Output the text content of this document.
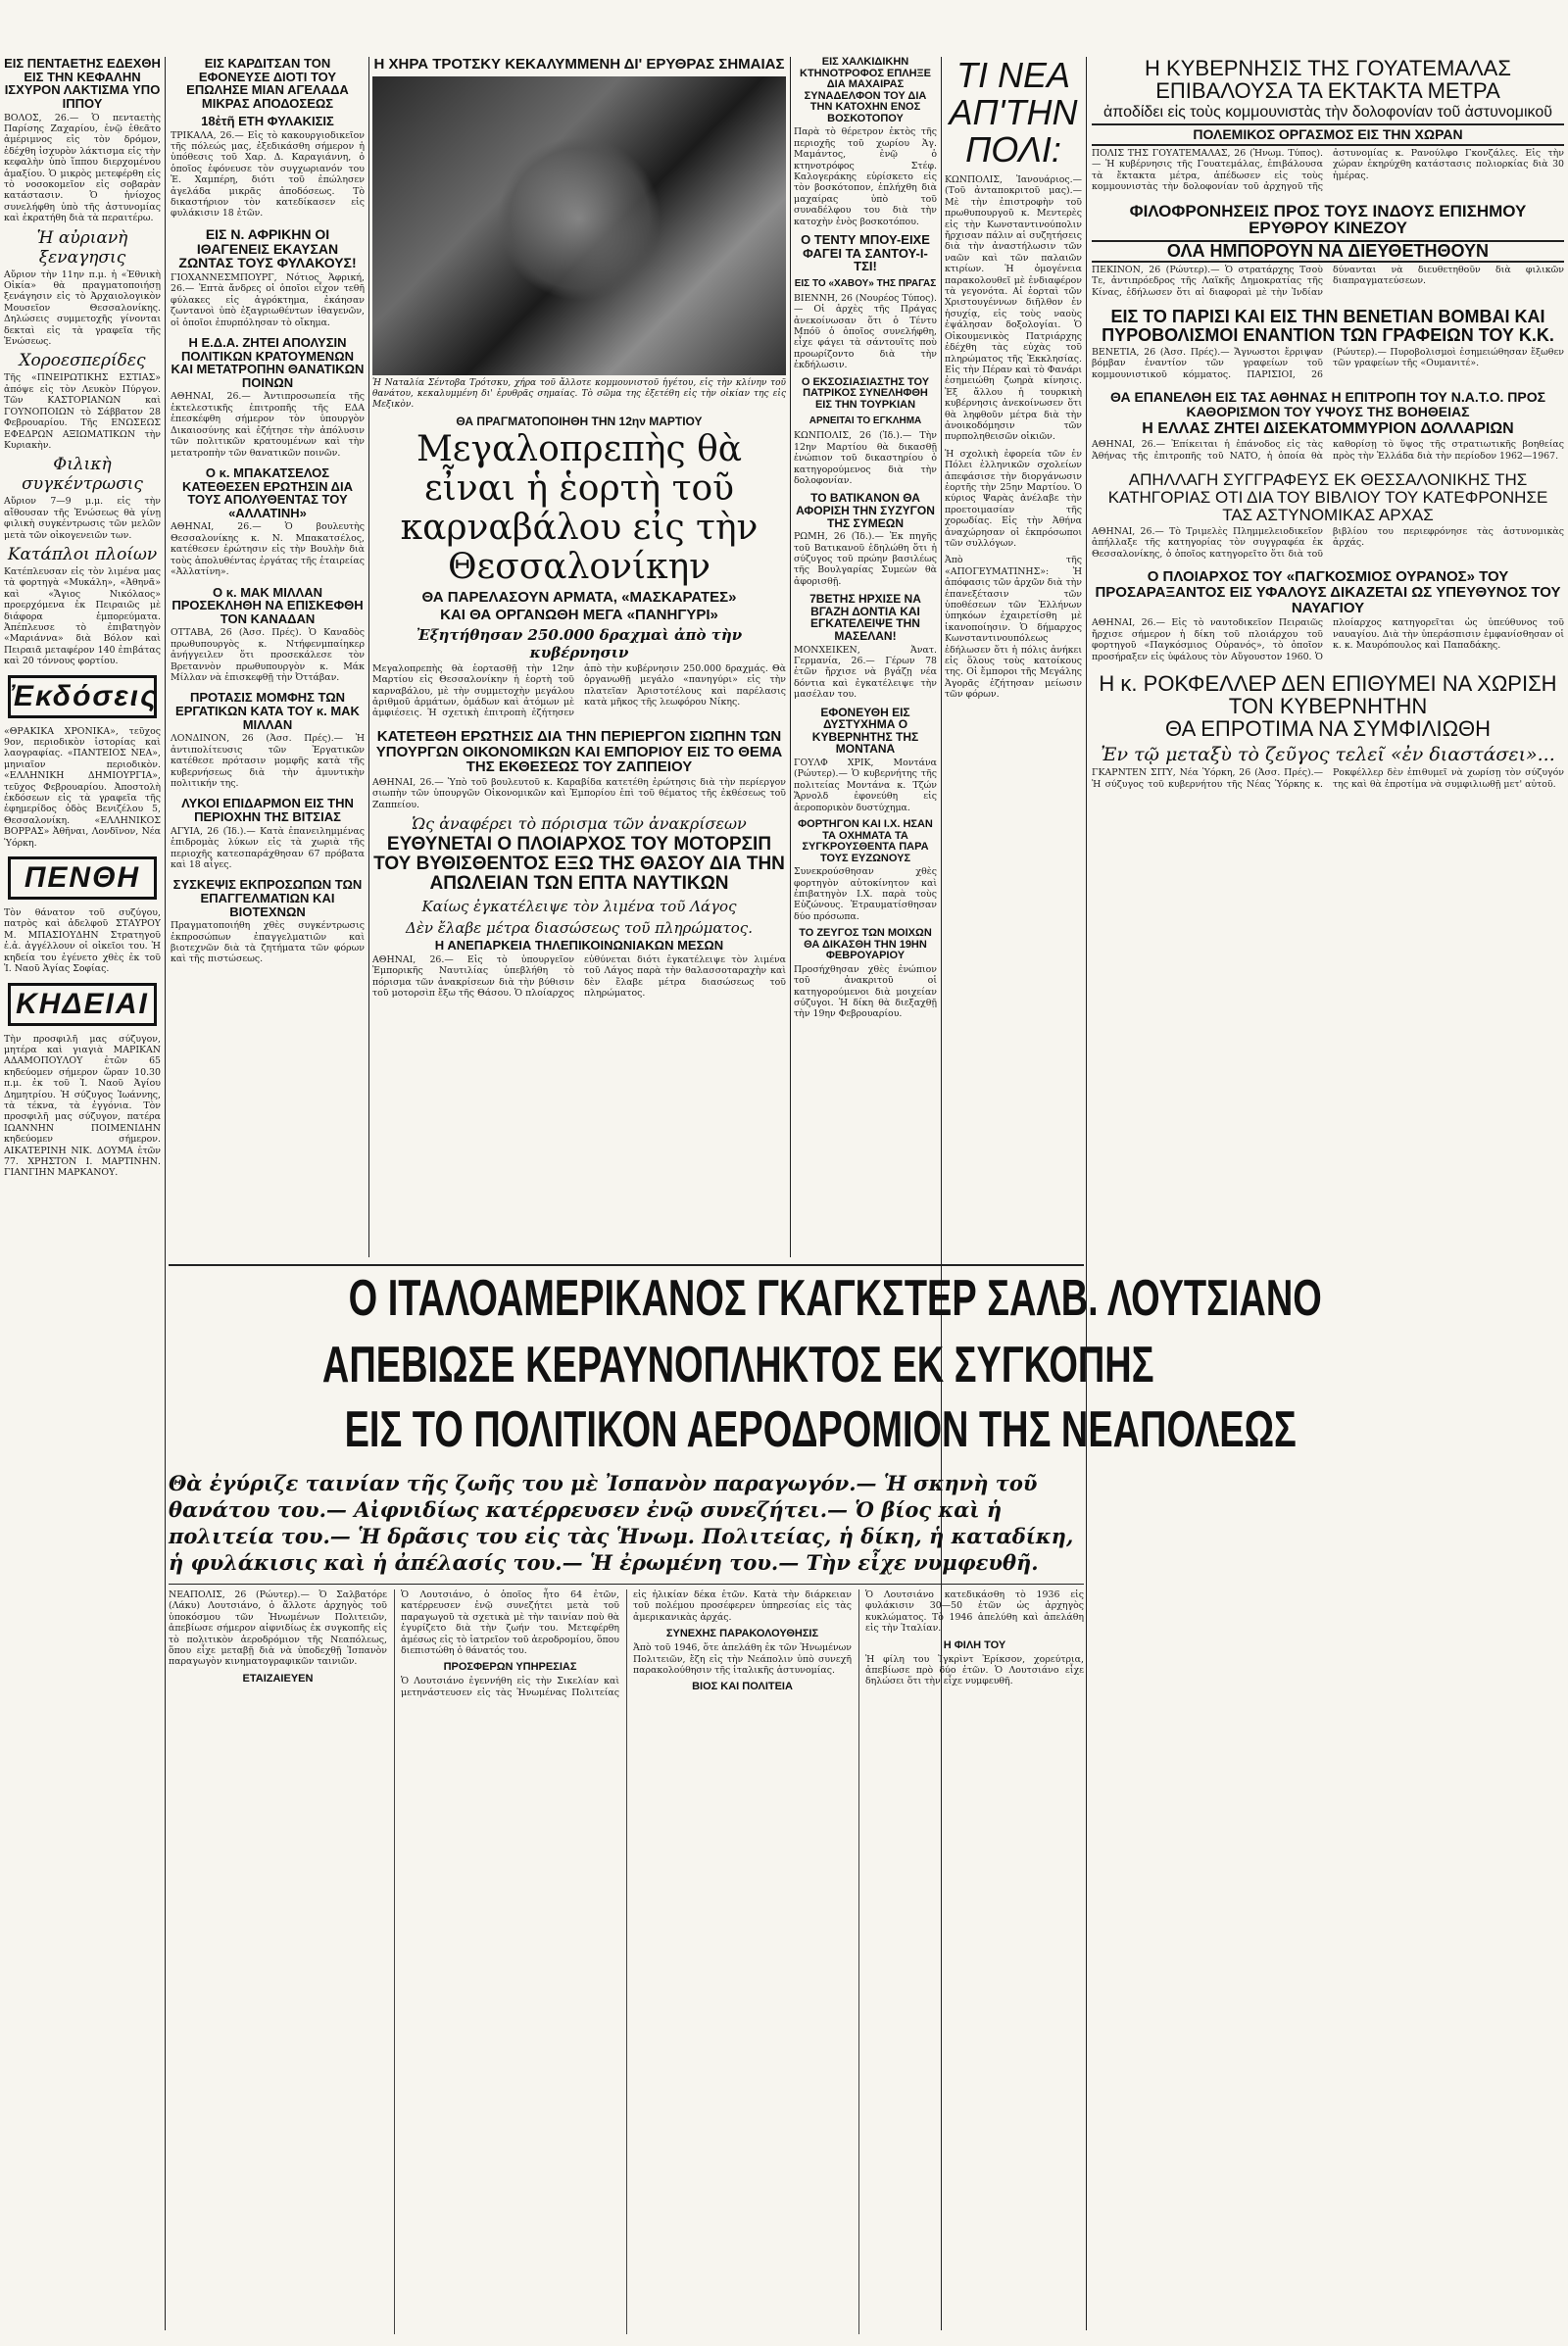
ΕΙΣ ΠΕΝΤΑΕΤΗΣ ΕΔΕΧΘΗ ΕΙΣ ΤΗΝ ΚΕΦΑΛΗΝ ΙΣΧΥΡΟΝ ΛΑΚΤΙΣΜΑ ΥΠΟ ΙΠΠΟΥ

ΒΟΛΟΣ, 26.— Ὁ πενταετὴς Παρίσης Ζαχαρίου, ἐνῷ ἐθεᾶτο ἀμέριμνος εἰς τὸν δρόμον, ἐδέχθη ἰσχυρὸν λάκτισμα εἰς τὴν κεφαλὴν ὑπὸ ἵππου διερχομένου ἁμαξίου. Ὁ μικρὸς μετεφέρθη εἰς τὸ νοσοκομεῖον εἰς σοβαρὰν κατάστασιν. Ὁ ἡνίοχος συνελήφθη ὑπὸ τῆς ἀστυνομίας καὶ ἐκρατήθη διὰ τὰ περαιτέρω.

Ἡ αὐριανὴ ξεναγησις

Αὔριον τὴν 11ην π.μ. ἡ «Ἐθνικὴ Οἰκία» θὰ πραγματοποιήσῃ ξενάγησιν εἰς τὸ Ἀρχαιολογικὸν Μουσεῖον Θεσσαλονίκης. Δηλώσεις συμμετοχῆς γίνονται δεκταὶ εἰς τὰ γραφεῖα τῆς Ἑνώσεως.

Χοροεσπερίδες

Τῆς «ΠΝΕΙΡΩΤΙΚΗΣ ΕΣΤΙΑΣ» ἀπόψε εἰς τὸν Λευκὸν Πύργον. Τῶν ΚΑΣΤΟΡΙΑΝΩΝ καὶ ΓΟΥΝΟΠΟΙΩΝ τὸ Σάββατον 28 Φεβρουαρίου. Τῆς ΕΝΩΣΕΩΣ ΕΦΕΔΡΩΝ ΑΞΙΩΜΑΤΙΚΩΝ τὴν Κυριακὴν.

Φιλικὴ συγκέντρωσις

Αὔριον 7—9 μ.μ. εἰς τὴν αἴθουσαν τῆς Ἑνώσεως θὰ γίνῃ φιλικὴ συγκέντρωσις τῶν μελῶν μετὰ τῶν οἰκογενειῶν των.

Κατάπλοι πλοίων

Κατέπλευσαν εἰς τὸν λιμένα μας τὰ φορτηγὰ «Μυκάλη», «Ἀθηνᾶ» καὶ «Ἄγιος Νικόλαος» προερχόμενα ἐκ Πειραιῶς μὲ διάφορα ἐμπορεύματα. Ἀπέπλευσε τὸ ἐπιβατηγὸν «Μαριάννα» διὰ Βόλον καὶ Πειραιᾶ μεταφέρον 140 ἐπιβάτας καὶ 20 τόννους φορτίου.

Ἐκδόσεις

«ΘΡΑΚΙΚΑ ΧΡΟΝΙΚΑ», τεῦχος 9ον, περιοδικὸν ἱστορίας καὶ λαογραφίας. «ΠΑΝΤΕΙΟΣ ΝΕΑ», μηνιαῖον περιοδικὸν. «ΕΛΛΗΝΙΚΗ ΔΗΜΙΟΥΡΓΙΑ», τεῦχος Φεβρουαρίου. Ἀποστολὴ ἐκδόσεων εἰς τὰ γραφεῖα τῆς ἐφημερίδος ὁδὸς Βενιζέλου 5, Θεσσαλονίκη. «ΕΛΛΗΝΙΚΟΣ ΒΟΡΡΑΣ» Ἀθῆναι, Λονδῖνον, Νέα Ὑόρκη.

ΠΕΝΘΗ

Τὸν θάνατον τοῦ συζύγου, πατρὸς καὶ ἀδελφοῦ ΣΤΑΥΡΟΥ Μ. ΜΠΑΣΙΟΥΔΗΝ Στρατηγοῦ ἐ.ἀ. ἀγγέλλουν οἱ οἰκεῖοι του. Ἡ κηδεία του ἐγένετο χθὲς ἐκ τοῦ Ἱ. Ναοῦ Ἁγίας Σοφίας.

ΚΗΔΕΙΑΙ

Τὴν προσφιλῆ μας σύζυγον, μητέρα καὶ γιαγιὰ ΜΑΡΙΚΑΝ ΑΔΑΜΟΠΟΥΛΟΥ ἐτῶν 65 κηδεύομεν σήμερον ὥραν 10.30 π.μ. ἐκ τοῦ Ἱ. Ναοῦ Ἁγίου Δημητρίου. Ἡ σύζυγος Ἰωάννης, τὰ τέκνα, τὰ ἐγγόνια. Τὸν προσφιλῆ μας σύζυγον, πατέρα ΙΩΑΝΝΗΝ ΠΟΙΜΕΝΙΔΗΝ κηδεύομεν σήμερον. ΑΙΚΑΤΕΡΙΝΗ ΝΙΚ. ΔΟΥΜΑ ἐτῶν 77. ΧΡΗΣΤΟΝ Ι. ΜΑΡΤΙΝΗΝ. ΓΙΑΝΓΙΗΝ ΜΑΡΚΑΝΟΥ.

ΕΙΣ ΚΑΡΔΙΤΣΑΝ ΤΟΝ ΕΦΟΝΕΥΣΕ ΔΙΟΤΙ ΤΟΥ ΕΠΩΛΗΣΕ ΜΙΑΝ ΑΓΕΛΑΔΑ ΜΙΚΡΑΣ ΑΠΟΔΟΣΕΩΣ

18ἐτῆ ΕΤΗ ΦΥΛΑΚΙΣΙΣ

ΤΡΙΚΑΛΑ, 26.— Εἰς τὸ κακουργιοδικεῖον τῆς πόλεώς μας, ἐξεδικάσθη σήμερον ἡ ὑπόθεσις τοῦ Χαρ. Δ. Καραγιάννη, ὁ ὁποῖος ἐφόνευσε τὸν συγχωριανόν του Ἐ. Χαμπέρη, διότι τοῦ ἐπώλησεν ἀγελάδα μικρᾶς ἀποδόσεως. Τὸ δικαστήριον τὸν κατεδίκασεν εἰς φυλάκισιν 18 ἐτῶν.

ΕΙΣ Ν. ΑΦΡΙΚΗΝ ΟΙ ΙΘΑΓΕΝΕΙΣ ΕΚΑΥΣΑΝ ΖΩΝΤΑΣ ΤΟΥΣ ΦΥΛΑΚΟΥΣ!

ΓΙΟΧΑΝΝΕΣΜΠΟΥΡΓ, Νότιος Ἀφρική, 26.— Ἐπτὰ ἄνδρες οἱ ὁποῖοι εἶχον τεθῆ φύλακες εἰς ἀγρόκτημα, ἐκάησαν ζωντανοὶ ὑπὸ ἐξαγριωθέντων ἰθαγενῶν, οἱ ὁποῖοι ἐπυρπόλησαν τὸ οἴκημα.

Η Ε.Δ.Α. ΖΗΤΕΙ ΑΠΟΛΥΣΙΝ ΠΟΛΙΤΙΚΩΝ ΚΡΑΤΟΥΜΕΝΩΝ ΚΑΙ ΜΕΤΑΤΡΟΠΗΝ ΘΑΝΑΤΙΚΩΝ ΠΟΙΝΩΝ

ΑΘΗΝΑΙ, 26.— Ἀντιπροσωπεία τῆς ἐκτελεστικῆς ἐπιτροπῆς τῆς ΕΔΑ ἐπεσκέφθη σήμερον τὸν ὑπουργὸν Δικαιοσύνης καὶ ἐζήτησε τὴν ἀπόλυσιν τῶν πολιτικῶν κρατουμένων καὶ τὴν μετατροπὴν τῶν θανατικῶν ποινῶν.

Ο κ. ΜΠΑΚΑΤΣΕΛΟΣ ΚΑΤΕΘΕΣΕΝ ΕΡΩΤΗΣΙΝ ΔΙΑ ΤΟΥΣ ΑΠΟΛΥΘΕΝΤΑΣ ΤΟΥ «ΑΛΛΑΤΙΝΗ»

ΑΘΗΝΑΙ, 26.— Ὁ βουλευτὴς Θεσσαλονίκης κ. Ν. Μπακατσέλος, κατέθεσεν ἐρώτησιν εἰς τὴν Βουλὴν διὰ τοὺς ἀπολυθέντας ἐργάτας τῆς ἐταιρείας «Ἀλλατίνη».

Ο κ. ΜΑΚ ΜΙΛΛΑΝ ΠΡΟΣΕΚΛΗΘΗ ΝΑ ΕΠΙΣΚΕΦΘΗ ΤΟΝ ΚΑΝΑΔΑΝ

ΟΤΤΑΒΑ, 26 (Ἀσσ. Πρές). Ὁ Καναδὸς πρωθυπουργὸς κ. Ντήφενμπαίηκερ ἀνήγγειλεν ὅτι προσεκάλεσε τὸν Βρεταννὸν πρωθυπουργὸν κ. Μάκ Μίλλαν νὰ ἐπισκεφθῇ τὴν Ὀττάβαν.

ΠΡΟΤΑΣΙΣ ΜΟΜΦΗΣ ΤΩΝ ΕΡΓΑΤΙΚΩΝ ΚΑΤΑ ΤΟΥ κ. ΜΑΚ ΜΙΛΛΑΝ

ΛΟΝΔΙΝΟΝ, 26 (Ἀσσ. Πρές).— Ἡ ἀντιπολίτευσις τῶν Ἐργατικῶν κατέθεσε πρότασιν μομφῆς κατὰ τῆς κυβερνήσεως διὰ τὴν ἀμυντικὴν πολιτικήν της.

ΛΥΚΟΙ ΕΠΙΔΑΡΜΟΝ ΕΙΣ ΤΗΝ ΠΕΡΙΟΧΗΝ ΤΗΣ ΒΙΤΣΙΑΣ

ΑΓΥΙΑ, 26 (Ἰδ.).— Κατὰ ἐπανειλημμένας ἐπιδρομὰς λύκων εἰς τὰ χωριὰ τῆς περιοχῆς κατεσπαράχθησαν 67 πρόβατα καὶ 18 αἶγες.

ΣΥΣΚΕΨΙΣ ΕΚΠΡΟΣΩΠΩΝ ΤΩΝ ΕΠΑΓΓΕΛΜΑΤΙΩΝ ΚΑΙ ΒΙΟΤΕΧΝΩΝ

Πραγματοποιήθη χθὲς συγκέντρωσις ἐκπροσώπων ἐπαγγελματιῶν καὶ βιοτεχνῶν διὰ τὰ ζητήματα τῶν φόρων καὶ τῆς πιστώσεως.

Η ΧΗΡΑ ΤΡΟΤΣΚΥ ΚΕΚΑΛΥΜΜΕΝΗ ΔΙ' ΕΡΥΘΡΑΣ ΣΗΜΑΙΑΣ

Ἡ Ναταλία Σέντοβα Τρότσκυ, χήρα τοῦ ἄλλοτε κομμουνιστοῦ ἡγέτου, εἰς τὴν κλίνην τοῦ θανάτου, κεκαλυμμένη δι' ἐρυθρᾶς σημαίας. Τὸ σῶμα της ἐξετέθη εἰς τὴν οἰκίαν της εἰς Μεξικὸν.

ΘΑ ΠΡΑΓΜΑΤΟΠΟΙΗΘΗ ΤΗΝ 12ην ΜΑΡΤΙΟΥ

Μεγαλοπρεπὴς θὰ εἶναι ἡ ἑορτὴ τοῦ καρναβάλου εἰς τὴν Θεσσαλονίκην

ΘΑ ΠΑΡΕΛΑΣΟΥΝ ΑΡΜΑΤΑ, «ΜΑΣΚΑΡΑΤΕΣ»

ΚΑΙ ΘΑ ΟΡΓΑΝΩΘΗ ΜΕΓΑ «ΠΑΝΗΓΥΡΙ»

Ἐξητήθησαν 250.000 δραχμαὶ ἀπὸ τὴν κυβέρνησιν

Μεγαλοπρεπὴς θὰ ἑορτασθῇ τὴν 12ην Μαρτίου εἰς Θεσσαλονίκην ἡ ἑορτὴ τοῦ καρναβάλου, μὲ τὴν συμμετοχὴν μεγάλου ἀριθμοῦ ἁρμάτων, ὁμάδων καὶ ἀτόμων μὲ ἀμφιέσεις. Ἡ σχετικὴ ἐπιτροπὴ ἐζήτησεν ἀπὸ τὴν κυβέρνησιν 250.000 δραχμάς. Θὰ ὀργανωθῇ μεγάλο «πανηγύρι» εἰς τὴν πλατεῖαν Ἀριστοτέλους καὶ παρέλασις κατὰ μῆκος τῆς λεωφόρου Νίκης.

ΚΑΤΕΤΕΘΗ ΕΡΩΤΗΣΙΣ ΔΙΑ ΤΗΝ ΠΕΡΙΕΡΓΟΝ ΣΙΩΠΗΝ ΤΩΝ ΥΠΟΥΡΓΩΝ ΟΙΚΟΝΟΜΙΚΩΝ ΚΑΙ ΕΜΠΟΡΙΟΥ ΕΙΣ ΤΟ ΘΕΜΑ ΤΗΣ ΕΚΘΕΣΕΩΣ ΤΟΥ ΖΑΠΠΕΙΟΥ

ΑΘΗΝΑΙ, 26.— Ὑπὸ τοῦ βουλευτοῦ κ. Καραβίδα κατετέθη ἐρώτησις διὰ τὴν περίεργον σιωπὴν τῶν ὑπουργῶν Οἰκονομικῶν καὶ Ἐμπορίου ἐπὶ τοῦ θέματος τῆς ἐκθέσεως τοῦ Ζαππείου.

Ὡς ἀναφέρει τὸ πόρισμα τῶν ἀνακρίσεων

ΕΥΘΥΝΕΤΑΙ Ο ΠΛΟΙΑΡΧΟΣ ΤΟΥ ΜΟΤΟΡΣΙΠ ΤΟΥ ΒΥΘΙΣΘΕΝΤΟΣ ΕΞΩ ΤΗΣ ΘΑΣΟΥ ΔΙΑ ΤΗΝ ΑΠΩΛΕΙΑΝ ΤΩΝ ΕΠΤΑ ΝΑΥΤΙΚΩΝ

Καίως ἐγκατέλειψε τὸν λιμένα τοῦ Λάγος

Δὲν ἔλαβε μέτρα διασώσεως τοῦ πληρώματος.

Η ΑΝΕΠΑΡΚΕΙΑ ΤΗΛΕΠΙΚΟΙΝΩΝΙΑΚΩΝ ΜΕΣΩΝ

ΑΘΗΝΑΙ, 26.— Εἰς τὸ ὑπουργεῖον Ἐμπορικῆς Ναυτιλίας ὑπεβλήθη τὸ πόρισμα τῶν ἀνακρίσεων διὰ τὴν βύθισιν τοῦ μοτορσὶπ ἔξω τῆς Θάσου. Ὁ πλοίαρχος εὐθύνεται διότι ἐγκατέλειψε τὸν λιμένα τοῦ Λάγος παρὰ τὴν θαλασσοταραχὴν καὶ δὲν ἔλαβε μέτρα διασώσεως τοῦ πληρώματος.

ΕΙΣ ΧΑΛΚΙΔΙΚΗΝ ΚΤΗΝΟΤΡΟΦΟΣ ΕΠΛΗΞΕ ΔΙΑ ΜΑΧΑΙΡΑΣ ΣΥΝΑΔΕΛΦΟΝ ΤΟΥ ΔΙΑ ΤΗΝ ΚΑΤΟΧΗΝ ΕΝΟΣ ΒΟΣΚΟΤΟΠΟΥ

Παρὰ τὸ θέρετρον ἐκτὸς τῆς περιοχῆς τοῦ χωρίου Ἁγ. Μαμάντος, ἐνῷ ὁ κτηνοτρόφος Στέφ. Καλογεράκης εὑρίσκετο εἰς τὸν βοσκότοπον, ἐπλήχθη διὰ μαχαίρας ὑπὸ τοῦ συναδέλφου του διὰ τὴν κατοχὴν ἑνὸς βοσκοτόπου.

Ο ΤΕΝΤΥ ΜΠΟΥ-ΕΙΧΕ ΦΑΓΕΙ ΤΑ ΣΑΝΤΟΥ-Ι-ΤΣΙ!

ΕΙΣ ΤΟ «ΧΑΒΟΥ» ΤΗΣ ΠΡΑΓΑΣ

ΒΙΕΝΝΗ, 26 (Νουρέος Τύπος).— Οἱ ἀρχὲς τῆς Πράγας ἀνεκοίνωσαν ὅτι ὁ Τέντυ Μπόϋ ὁ ὁποῖος συνελήφθη, εἶχε φάγει τὰ σάντουϊτς ποὺ προωρίζοντο διὰ τὴν ἐκδήλωσιν.

Ο ΕΚΣΟΣΙΑΣΙΑΣΤΗΣ ΤΟΥ ΠΑΤΡΙΚΟΣ ΣΥΝΕΛΗΦΘΗ ΕΙΣ ΤΗΝ ΤΟΥΡΚΙΑΝ

ΑΡΝΕΙΤΑΙ ΤΟ ΕΓΚΛΗΜΑ

ΚΩΝΠΟΛΙΣ, 26 (Ἰδ.).— Τὴν 12ην Μαρτίου θὰ δικασθῇ ἐνώπιον τοῦ δικαστηρίου ὁ κατηγορούμενος διὰ τὴν δολοφονίαν.

ΤΟ ΒΑΤΙΚΑΝΟΝ ΘΑ ΑΦΟΡΙΣΗ ΤΗΝ ΣΥΖΥΓΟΝ ΤΗΣ ΣΥΜΕΩΝ

ΡΩΜΗ, 26 (Ἰδ.).— Ἐκ πηγῆς τοῦ Βατικανοῦ ἐδηλώθη ὅτι ἡ σύζυγος τοῦ πρώην βασιλέως τῆς Βουλγαρίας Συμεὼν θὰ ἀφορισθῇ.

7ΒΕΤΗΣ ΗΡΧΙΣΕ ΝΑ ΒΓΑΖΗ ΔΟΝΤΙΑ ΚΑΙ ΕΓΚΑΤΕΛΕΙΨΕ ΤΗΝ ΜΑΣΕΛΑΝ!

ΜΟΝΧΕΙΚΕΝ, Ἀνατ. Γερμανία, 26.— Γέρων 78 ἐτῶν ἤρχισε νὰ βγάζῃ νέα δόντια καὶ ἐγκατέλειψε τὴν μασέλαν του.

ΕΦΟΝΕΥΘΗ ΕΙΣ ΔΥΣΤΥΧΗΜΑ Ο ΚΥΒΕΡΝΗΤΗΣ ΤΗΣ ΜΟΝΤΑΝΑ

ΓΟΥΛΦ ΧΡΙΚ, Μοντάνα (Ρώυτερ).— Ὁ κυβερνήτης τῆς πολιτείας Μοντάνα κ. Τζών Ἄρνολδ ἐφονεύθη εἰς ἀεροπορικὸν δυστύχημα.

ΦΟΡΤΗΓΟΝ ΚΑΙ Ι.Χ. ΗΣΑΝ ΤΑ ΟΧΗΜΑΤΑ ΤΑ ΣΥΓΚΡΟΥΣΘΕΝΤΑ ΠΑΡΑ ΤΟΥΣ ΕΥΖΩΝΟΥΣ

Συνεκρούσθησαν χθὲς φορτηγὸν αὐτοκίνητον καὶ ἐπιβατηγὸν Ι.Χ. παρὰ τοὺς Εὐζώνους. Ἐτραυματίσθησαν δύο πρόσωπα.

ΤΟ ΖΕΥΓΟΣ ΤΩΝ ΜΟΙΧΩΝ ΘΑ ΔΙΚΑΣΘΗ ΤΗΝ 19ΗΝ ΦΕΒΡΟΥΑΡΙΟΥ

Προσήχθησαν χθὲς ἐνώπιον τοῦ ἀνακριτοῦ οἱ κατηγορούμενοι διὰ μοιχείαν σύζυγοι. Ἡ δίκη θὰ διεξαχθῇ τὴν 19ην Φεβρουαρίου.

ΤΙ ΝΕΑ ΑΠ'ΤΗΝ ΠΟΛΙ:

ΚΩΝΠΟΛΙΣ, Ἰανουάριος.— (Τοῦ ἀνταποκριτοῦ μας).— Μὲ τὴν ἐπιστροφὴν τοῦ πρωθυπουργοῦ κ. Μεντερὲς εἰς τὴν Κωνσταντινούπολιν ἤρχισαν πάλιν αἱ συζητήσεις διὰ τὴν ἀναστήλωσιν τῶν ναῶν καὶ τῶν παλαιῶν κτιρίων. Ἡ ὁμογένεια παρακολουθεῖ μὲ ἐνδιαφέρον τὰ γεγονότα. Αἱ ἑορταὶ τῶν Χριστουγέννων διῆλθον ἐν ἡσυχίᾳ, εἰς τοὺς ναοὺς ἐψάλησαν δοξολογίαι. Ὁ Οἰκουμενικὸς Πατριάρχης ἐδέχθη τὰς εὐχὰς τοῦ πληρώματος τῆς Ἐκκλησίας. Εἰς τὴν Πέραν καὶ τὸ Φανάρι ἐσημειώθη ζωηρὰ κίνησις. Ἐξ ἄλλου ἡ τουρκικὴ κυβέρνησις ἀνεκοίνωσεν ὅτι θὰ ληφθοῦν μέτρα διὰ τὴν ἀνοικοδόμησιν τῶν πυρποληθεισῶν οἰκιῶν.

Ἡ σχολικὴ ἐφορεία τῶν ἐν Πόλει ἑλληνικῶν σχολείων ἀπεφάσισε τὴν διοργάνωσιν ἑορτῆς τὴν 25ην Μαρτίου. Ὁ κύριος Ψαρὰς ἀνέλαβε τὴν προετοιμασίαν τῆς χορωδίας. Εἰς τὴν Ἀθήνα ἀναχώρησαν οἱ ἐκπρόσωποι τῶν συλλόγων.

Ἀπὸ τῆς «ΑΠΟΓΕΥΜΑΤΙΝΗΣ»: Ἡ ἀπόφασις τῶν ἀρχῶν διὰ τὴν ἐπανεξέτασιν τῶν ὑποθέσεων τῶν Ἑλλήνων ὑπηκόων ἐχαιρετίσθη μὲ ἱκανοποίησιν. Ὁ δήμαρχος Κωνσταντινουπόλεως ἐδήλωσεν ὅτι ἡ πόλις ἀνήκει εἰς ὅλους τοὺς κατοίκους της. Οἱ ἔμποροι τῆς Μεγάλης Ἀγορᾶς ἐζήτησαν μείωσιν τῶν φόρων.

Η ΚΥΒΕΡΝΗΣΙΣ ΤΗΣ ΓΟΥΑΤΕΜΑΛΑΣ ΕΠΙΒΑΛΟΥΣΑ ΤΑ ΕΚΤΑΚΤΑ ΜΕΤΡΑ

ἀποδίδει εἰς τοὺς κομμουνιστὰς τὴν δολοφονίαν τοῦ ἀστυνομικοῦ

ΠΟΛΕΜΙΚΟΣ ΟΡΓΑΣΜΟΣ ΕΙΣ ΤΗΝ ΧΩΡΑΝ

ΠΟΛΙΣ ΤΗΣ ΓΟΥΑΤΕΜΑΛΑΣ, 26 (Ἠνωμ. Τύπος).— Ἡ κυβέρνησις τῆς Γουατεμάλας, ἐπιβάλουσα τὰ ἔκτακτα μέτρα, ἀπέδωσεν εἰς τοὺς κομμουνιστὰς τὴν δολοφονίαν τοῦ ἀρχηγοῦ τῆς ἀστυνομίας κ. Ρανούλφο Γκονζάλες. Εἰς τὴν χώραν ἐκηρύχθη κατάστασις πολιορκίας διὰ 30 ἡμέρας.

ΦΙΛΟΦΡΟΝΗΣΕΙΣ ΠΡΟΣ ΤΟΥΣ ΙΝΔΟΥΣ ΕΠΙΣΗΜΟΥ ΕΡΥΘΡΟΥ ΚΙΝΕΖΟΥ
ΟΛΑ ΗΜΠΟΡΟΥΝ ΝΑ ΔΙΕΥΘΕΤΗΘΟΥΝ

ΠΕΚΙΝΟΝ, 26 (Ρώυτερ).— Ὁ στρατάρχης Τσοὺ Τε, ἀντιπρόεδρος τῆς Λαϊκῆς Δημοκρατίας τῆς Κίνας, ἐδήλωσεν ὅτι αἱ διαφοραὶ μὲ τὴν Ἰνδίαν δύνανται νὰ διευθετηθοῦν διὰ φιλικῶν διαπραγματεύσεων.

ΕΙΣ ΤΟ ΠΑΡΙΣΙ ΚΑΙ ΕΙΣ ΤΗΝ ΒΕΝΕΤΙΑΝ ΒΟΜΒΑΙ ΚΑΙ ΠΥΡΟΒΟΛΙΣΜΟΙ ΕΝΑΝΤΙΟΝ ΤΩΝ ΓΡΑΦΕΙΩΝ ΤΟΥ Κ.Κ.

ΒΕΝΕΤΙΑ, 26 (Ἀσσ. Πρές).— Ἄγνωστοι ἔρριψαν βόμβαν ἐναντίον τῶν γραφείων τοῦ κομμουνιστικοῦ κόμματος. ΠΑΡΙΣΙΟΙ, 26 (Ρώυτερ).— Πυροβολισμοὶ ἐσημειώθησαν ἔξωθεν τῶν γραφείων τῆς «Ουμανιτέ».

ΘΑ ΕΠΑΝΕΛΘΗ ΕΙΣ ΤΑΣ ΑΘΗΝΑΣ Η ΕΠΙΤΡΟΠΗ ΤΟΥ Ν.Α.Τ.Ο. ΠΡΟΣ ΚΑΘΟΡΙΣΜΟΝ ΤΟΥ ΥΨΟΥΣ ΤΗΣ ΒΟΗΘΕΙΑΣ
Η ΕΛΛΑΣ ΖΗΤΕΙ ΔΙΣΕΚΑΤΟΜΜΥΡΙΟΝ ΔΟΛΛΑΡΙΩΝ

ΑΘΗΝΑΙ, 26.— Ἐπίκειται ἡ ἐπάνοδος εἰς τὰς Ἀθήνας τῆς ἐπιτροπῆς τοῦ ΝΑΤΟ, ἡ ὁποία θὰ καθορίσῃ τὸ ὕψος τῆς στρατιωτικῆς βοηθείας πρὸς τὴν Ἑλλάδα διὰ τὴν περίοδον 1962—1967.

ΑΠΗΛΛΑΓΗ ΣΥΓΓΡΑΦΕΥΣ ΕΚ ΘΕΣΣΑΛΟΝΙΚΗΣ ΤΗΣ ΚΑΤΗΓΟΡΙΑΣ ΟΤΙ ΔΙΑ ΤΟΥ ΒΙΒΛΙΟΥ ΤΟΥ ΚΑΤΕΦΡΟΝΗΣΕ ΤΑΣ ΑΣΤΥΝΟΜΙΚΑΣ ΑΡΧΑΣ

ΑΘΗΝΑΙ, 26.— Τὸ Τριμελὲς Πλημμελειοδικεῖον ἀπήλλαξε τῆς κατηγορίας τὸν συγγραφέα ἐκ Θεσσαλονίκης, ὁ ὁποῖος κατηγορεῖτο ὅτι διὰ τοῦ βιβλίου του περιεφρόνησε τὰς ἀστυνομικὰς ἀρχάς.

Ο ΠΛΟΙΑΡΧΟΣ ΤΟΥ «ΠΑΓΚΟΣΜΙΟΣ ΟΥΡΑΝΟΣ» ΤΟΥ ΠΡΟΣΑΡΑΞΑΝΤΟΣ ΕΙΣ ΥΦΑΛΟΥΣ ΔΙΚΑΖΕΤΑΙ ΩΣ ΥΠΕΥΘΥΝΟΣ ΤΟΥ ΝΑΥΑΓΙΟΥ

ΑΘΗΝΑΙ, 26.— Εἰς τὸ ναυτοδικεῖον Πειραιῶς ἤρχισε σήμερον ἡ δίκη τοῦ πλοιάρχου τοῦ φορτηγοῦ «Παγκόσμιος Οὐρανός», τὸ ὁποῖον προσήραξεν εἰς ὑφάλους τὸν Αὔγουστον 1960. Ὁ πλοίαρχος κατηγορεῖται ὡς ὑπεύθυνος τοῦ ναυαγίου. Διὰ τὴν ὑπεράσπισιν ἐμφανίσθησαν οἱ κ. κ. Μαυρόπουλος καὶ Παπαδάκης.

Η κ. ΡΟΚΦΕΛΛΕΡ ΔΕΝ ΕΠΙΘΥΜΕΙ ΝΑ ΧΩΡΙΣΗ ΤΟΝ ΚΥΒΕΡΝΗΤΗΝ
ΘΑ ΕΠΡΟΤΙΜΑ ΝΑ ΣΥΜΦΙΛΙΩΘΗ

Ἐν τῷ μεταξὺ τὸ ζεῦγος τελεῖ «ἐν διαστάσει»...

ΓΚΑΡΝΤΕΝ ΣΙΤΥ, Νέα Ὑόρκη, 26 (Ἀσσ. Πρές).— Ἡ σύζυγος τοῦ κυβερνήτου τῆς Νέας Ὑόρκης κ. Ροκφέλλερ δὲν ἐπιθυμεῖ νὰ χωρίσῃ τὸν σύζυγόν της καὶ θὰ ἐπροτίμα νὰ συμφιλιωθῇ μετ' αὐτοῦ.

Ο ΙΤΑΛΟΑΜΕΡΙΚΑΝΟΣ ΓΚΑΓΚΣΤΕΡ ΣΑΛΒ. ΛΟΥΤΣΙΑΝΟ
ΑΠΕΒΙΩΣΕ ΚΕΡΑΥΝΟΠΛΗΚΤΟΣ ΕΚ ΣΥΓΚΟΠΗΣ
ΕΙΣ ΤΟ ΠΟΛΙΤΙΚΟΝ ΑΕΡΟΔΡΟΜΙΟΝ ΤΗΣ ΝΕΑΠΟΛΕΩΣ
Θὰ ἐγύριζε ταινίαν τῆς ζωῆς του μὲ Ἰσπανὸν παραγωγόν.— Ἡ σκηνὴ τοῦ θανάτου του.— Αἰφνιδίως κατέρρευσεν ἐνῷ συνεζήτει.— Ὁ βίος καὶ ἡ πολιτεία του.— Ἡ δρᾶσις του εἰς τὰς Ἡνωμ. Πολιτείας, ἡ δίκη, ἡ καταδίκη, ἡ φυλάκισις καὶ ἡ ἀπέλασίς του.— Ἡ ἐρωμένη του.— Τὴν εἶχε νυμφευθῆ.

ΝΕΑΠΟΛΙΣ, 26 (Ρώυτερ).— Ὁ Σαλβατόρε (Λάκυ) Λουτσιάνο, ὁ ἄλλοτε ἀρχηγὸς τοῦ ὑποκόσμου τῶν Ἡνωμένων Πολιτειῶν, ἀπεβίωσε σήμερον αἰφνιδίως ἐκ συγκοπῆς εἰς τὸ πολιτικὸν ἀεροδρόμιον τῆς Νεαπόλεως, ὅπου εἶχε μεταβῇ διὰ νὰ ὑποδεχθῇ Ἰσπανὸν παραγωγὸν κινηματογραφικῶν ταινιῶν.

ΕΤΑΙΖΑΙΕΥΕΝ

Ὁ Λουτσιάνο, ὁ ὁποῖος ἦτο 64 ἐτῶν, κατέρρευσεν ἐνῷ συνεζήτει μετὰ τοῦ παραγωγοῦ τὰ σχετικὰ μὲ τὴν ταινίαν ποὺ θὰ ἐγυρίζετο διὰ τὴν ζωήν του. Μετεφέρθη ἀμέσως εἰς τὸ ἰατρεῖον τοῦ ἀεροδρομίου, ὅπου διεπιστώθη ὁ θάνατός του.

ΠΡΟΣΦΕΡΩΝ ΥΠΗΡΕΣΙΑΣ

Ὁ Λουτσιάνο ἐγεννήθη εἰς τὴν Σικελίαν καὶ μετηνάστευσεν εἰς τὰς Ἡνωμένας Πολιτείας εἰς ἡλικίαν δέκα ἐτῶν. Κατὰ τὴν διάρκειαν τοῦ πολέμου προσέφερεν ὑπηρεσίας εἰς τὰς ἀμερικανικὰς ἀρχάς.

ΣΥΝΕΧΗΣ ΠΑΡΑΚΟΛΟΥΘΗΣΙΣ

Ἀπὸ τοῦ 1946, ὅτε ἀπελάθη ἐκ τῶν Ἡνωμένων Πολιτειῶν, ἔζη εἰς τὴν Νεάπολιν ὑπὸ συνεχῆ παρακολούθησιν τῆς ἰταλικῆς ἀστυνομίας.

ΒΙΟΣ ΚΑΙ ΠΟΛΙΤΕΙΑ

Ὁ Λουτσιάνο κατεδικάσθη τὸ 1936 εἰς φυλάκισιν 30—50 ἐτῶν ὡς ἀρχηγὸς κυκλώματος. Τὸ 1946 ἀπελύθη καὶ ἀπελάθη εἰς τὴν Ἰταλίαν.

Η ΦΙΛΗ ΤΟΥ

Ἡ φίλη του Ἰγκρὶντ Ἐρίκσον, χορεύτρια, ἀπεβίωσε πρὸ δύο ἐτῶν. Ὁ Λουτσιάνο εἶχε δηλώσει ὅτι τὴν εἶχε νυμφευθῆ.
